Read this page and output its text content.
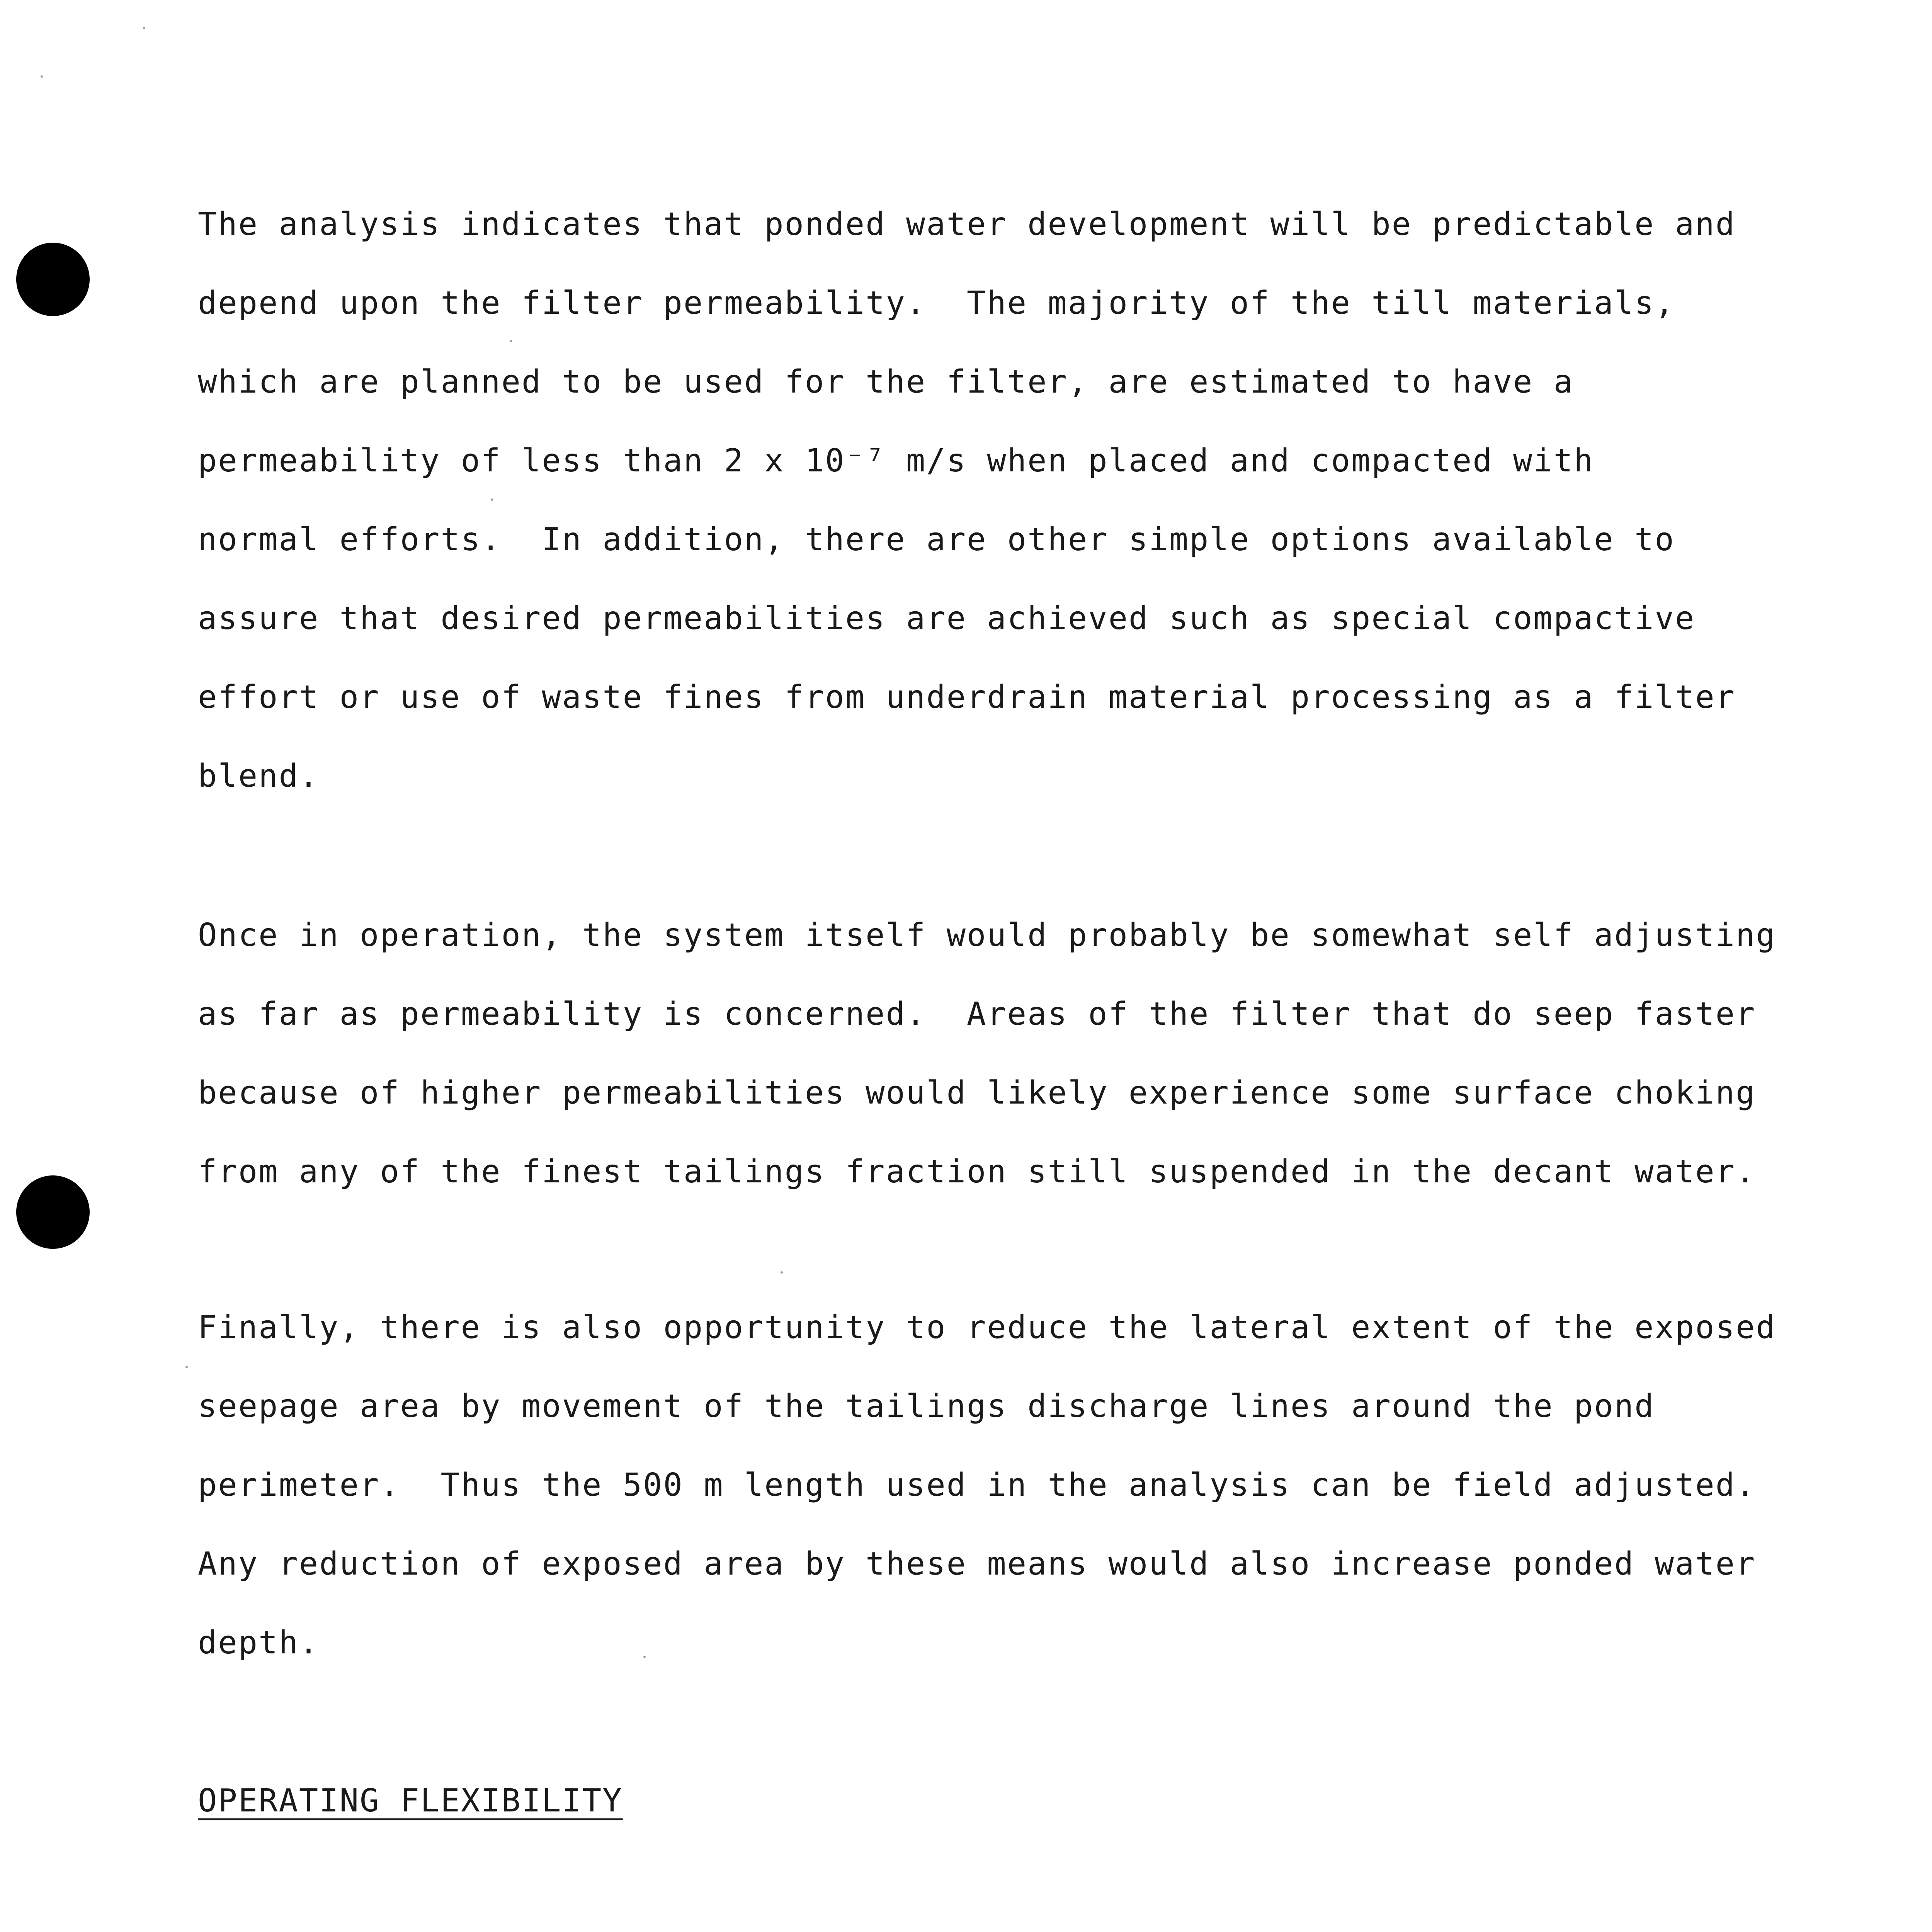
The analysis indicates that ponded water development will be predictable and
depend upon the filter permeability.  The majority of the till materials,
which are planned to be used for the filter, are estimated to have a
permeability of less than 2 x 10⁻⁷ m/s when placed and compacted with
normal efforts.  In addition, there are other simple options available to
assure that desired permeabilities are achieved such as special compactive
effort or use of waste fines from underdrain material processing as a filter
blend.
Once in operation, the system itself would probably be somewhat self adjusting
as far as permeability is concerned.  Areas of the filter that do seep faster
because of higher permeabilities would likely experience some surface choking
from any of the finest tailings fraction still suspended in the decant water.
Finally, there is also opportunity to reduce the lateral extent of the exposed
seepage area by movement of the tailings discharge lines around the pond
perimeter.  Thus the 500 m length used in the analysis can be field adjusted.
Any reduction of exposed area by these means would also increase ponded water
depth.
OPERATING FLEXIBILITY
